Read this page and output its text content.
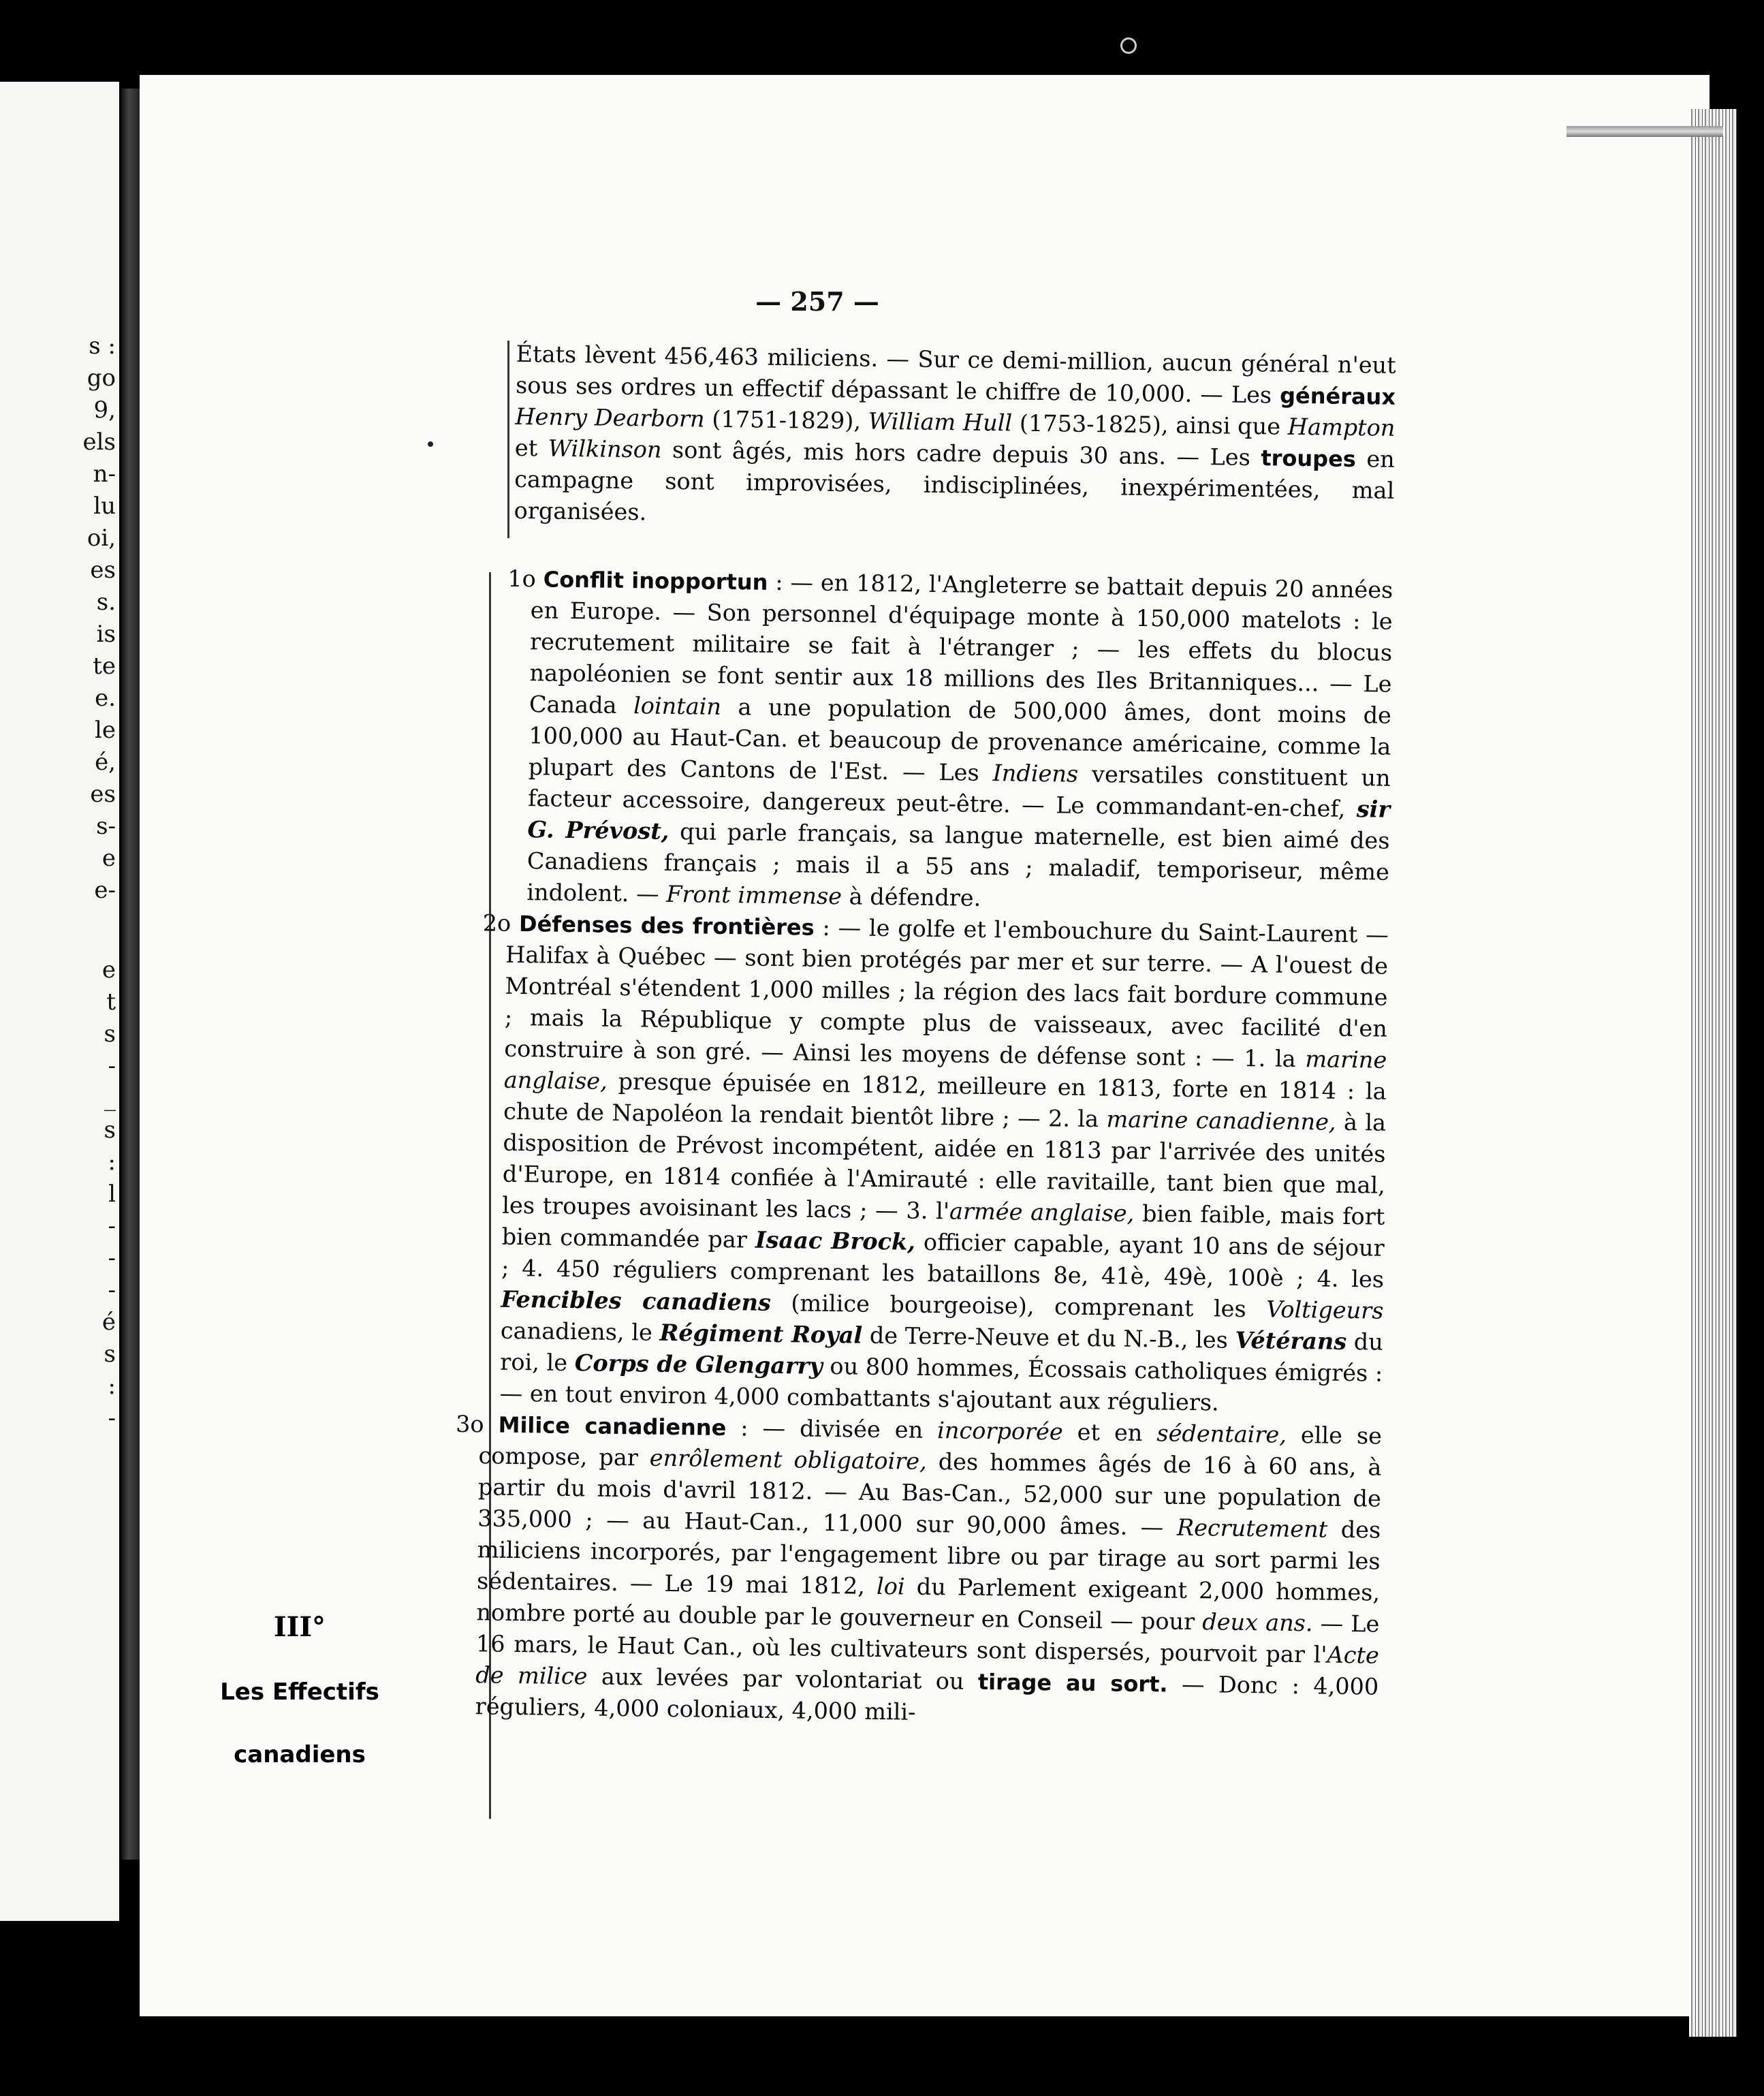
s :
go
9,
els
n-
lu
oi,
es
s.
is
te
e.
le
é,
es
s-
e
e-
e
t
s
-
_
s
:
l
-
-
-
é
s
:
-
— 257 —
III°
Les Effectifs
canadiens

États lèvent 456,463 miliciens. — Sur ce demi-million, aucun général n'eut sous ses ordres un effectif dépassant le chiffre de 10,000. — Les généraux Henry Dearborn (1751-1829), William Hull (1753-1825), ainsi que Hampton et Wilkinson sont âgés, mis hors cadre depuis 30 ans. — Les troupes en campagne sont improvisées, indisciplinées, inexpérimentées, mal organisées.

1o Conflit inopportun : — en 1812, l'Angleterre se battait depuis 20 années en Europe. — Son personnel d'équipage monte à 150,000 matelots : le recrutement militaire se fait à l'étranger ; — les effets du blocus napoléonien se font sentir aux 18 millions des Iles Britanniques... — Le Canada lointain a une population de 500,000 âmes, dont moins de 100,000 au Haut-Can. et beaucoup de provenance américaine, comme la plupart des Cantons de l'Est. — Les Indiens versatiles constituent un facteur accessoire, dangereux peut-être. — Le commandant-en-chef, sir G. Prévost, qui parle français, sa langue maternelle, est bien aimé des Canadiens français ; mais il a 55 ans ; maladif, temporiseur, même indolent. — Front immense à défendre.

2o Défenses des frontières : — le golfe et l'embouchure du Saint-Laurent — Halifax à Québec — sont bien protégés par mer et sur terre. — A l'ouest de Montréal s'étendent 1,000 milles ; la région des lacs fait bordure commune ; mais la République y compte plus de vaisseaux, avec facilité d'en construire à son gré. — Ainsi les moyens de défense sont : — 1. la marine anglaise, presque épuisée en 1812, meilleure en 1813, forte en 1814 : la chute de Napoléon la rendait bientôt libre ; — 2. la marine canadienne, à la disposition de Prévost incompétent, aidée en 1813 par l'arrivée des unités d'Europe, en 1814 confiée à l'Amirauté : elle ravitaille, tant bien que mal, les troupes avoisinant les lacs ; — 3. l'armée anglaise, bien faible, mais fort bien commandée par Isaac Brock, officier capable, ayant 10 ans de séjour ; 4. 450 réguliers comprenant les bataillons 8e, 41è, 49è, 100è ; 4. les Fencibles canadiens (milice bourgeoise), comprenant les Voltigeurs canadiens, le Régiment Royal de Terre-Neuve et du N.-B., les Vétérans du roi, le Corps de Glengarry ou 800 hommes, Écossais catholiques émigrés : — en tout environ 4,000 combattants s'ajoutant aux réguliers.

3o Milice canadienne : — divisée en incorporée et en sédentaire, elle se compose, par enrôlement obligatoire, des hommes âgés de 16 à 60 ans, à partir du mois d'avril 1812. — Au Bas-Can., 52,000 sur une population de 335,000 ; — au Haut-Can., 11,000 sur 90,000 âmes. — Recrutement des miliciens incorporés, par l'engagement libre ou par tirage au sort parmi les sédentaires. — Le 19 mai 1812, loi du Parlement exigeant 2,000 hommes, nombre porté au double par le gouverneur en Conseil — pour deux ans. — Le 16 mars, le Haut Can., où les cultivateurs sont dispersés, pourvoit par l'Acte de milice aux levées par volontariat ou tirage au sort. — Donc : 4,000 réguliers, 4,000 coloniaux, 4,000 mili-
